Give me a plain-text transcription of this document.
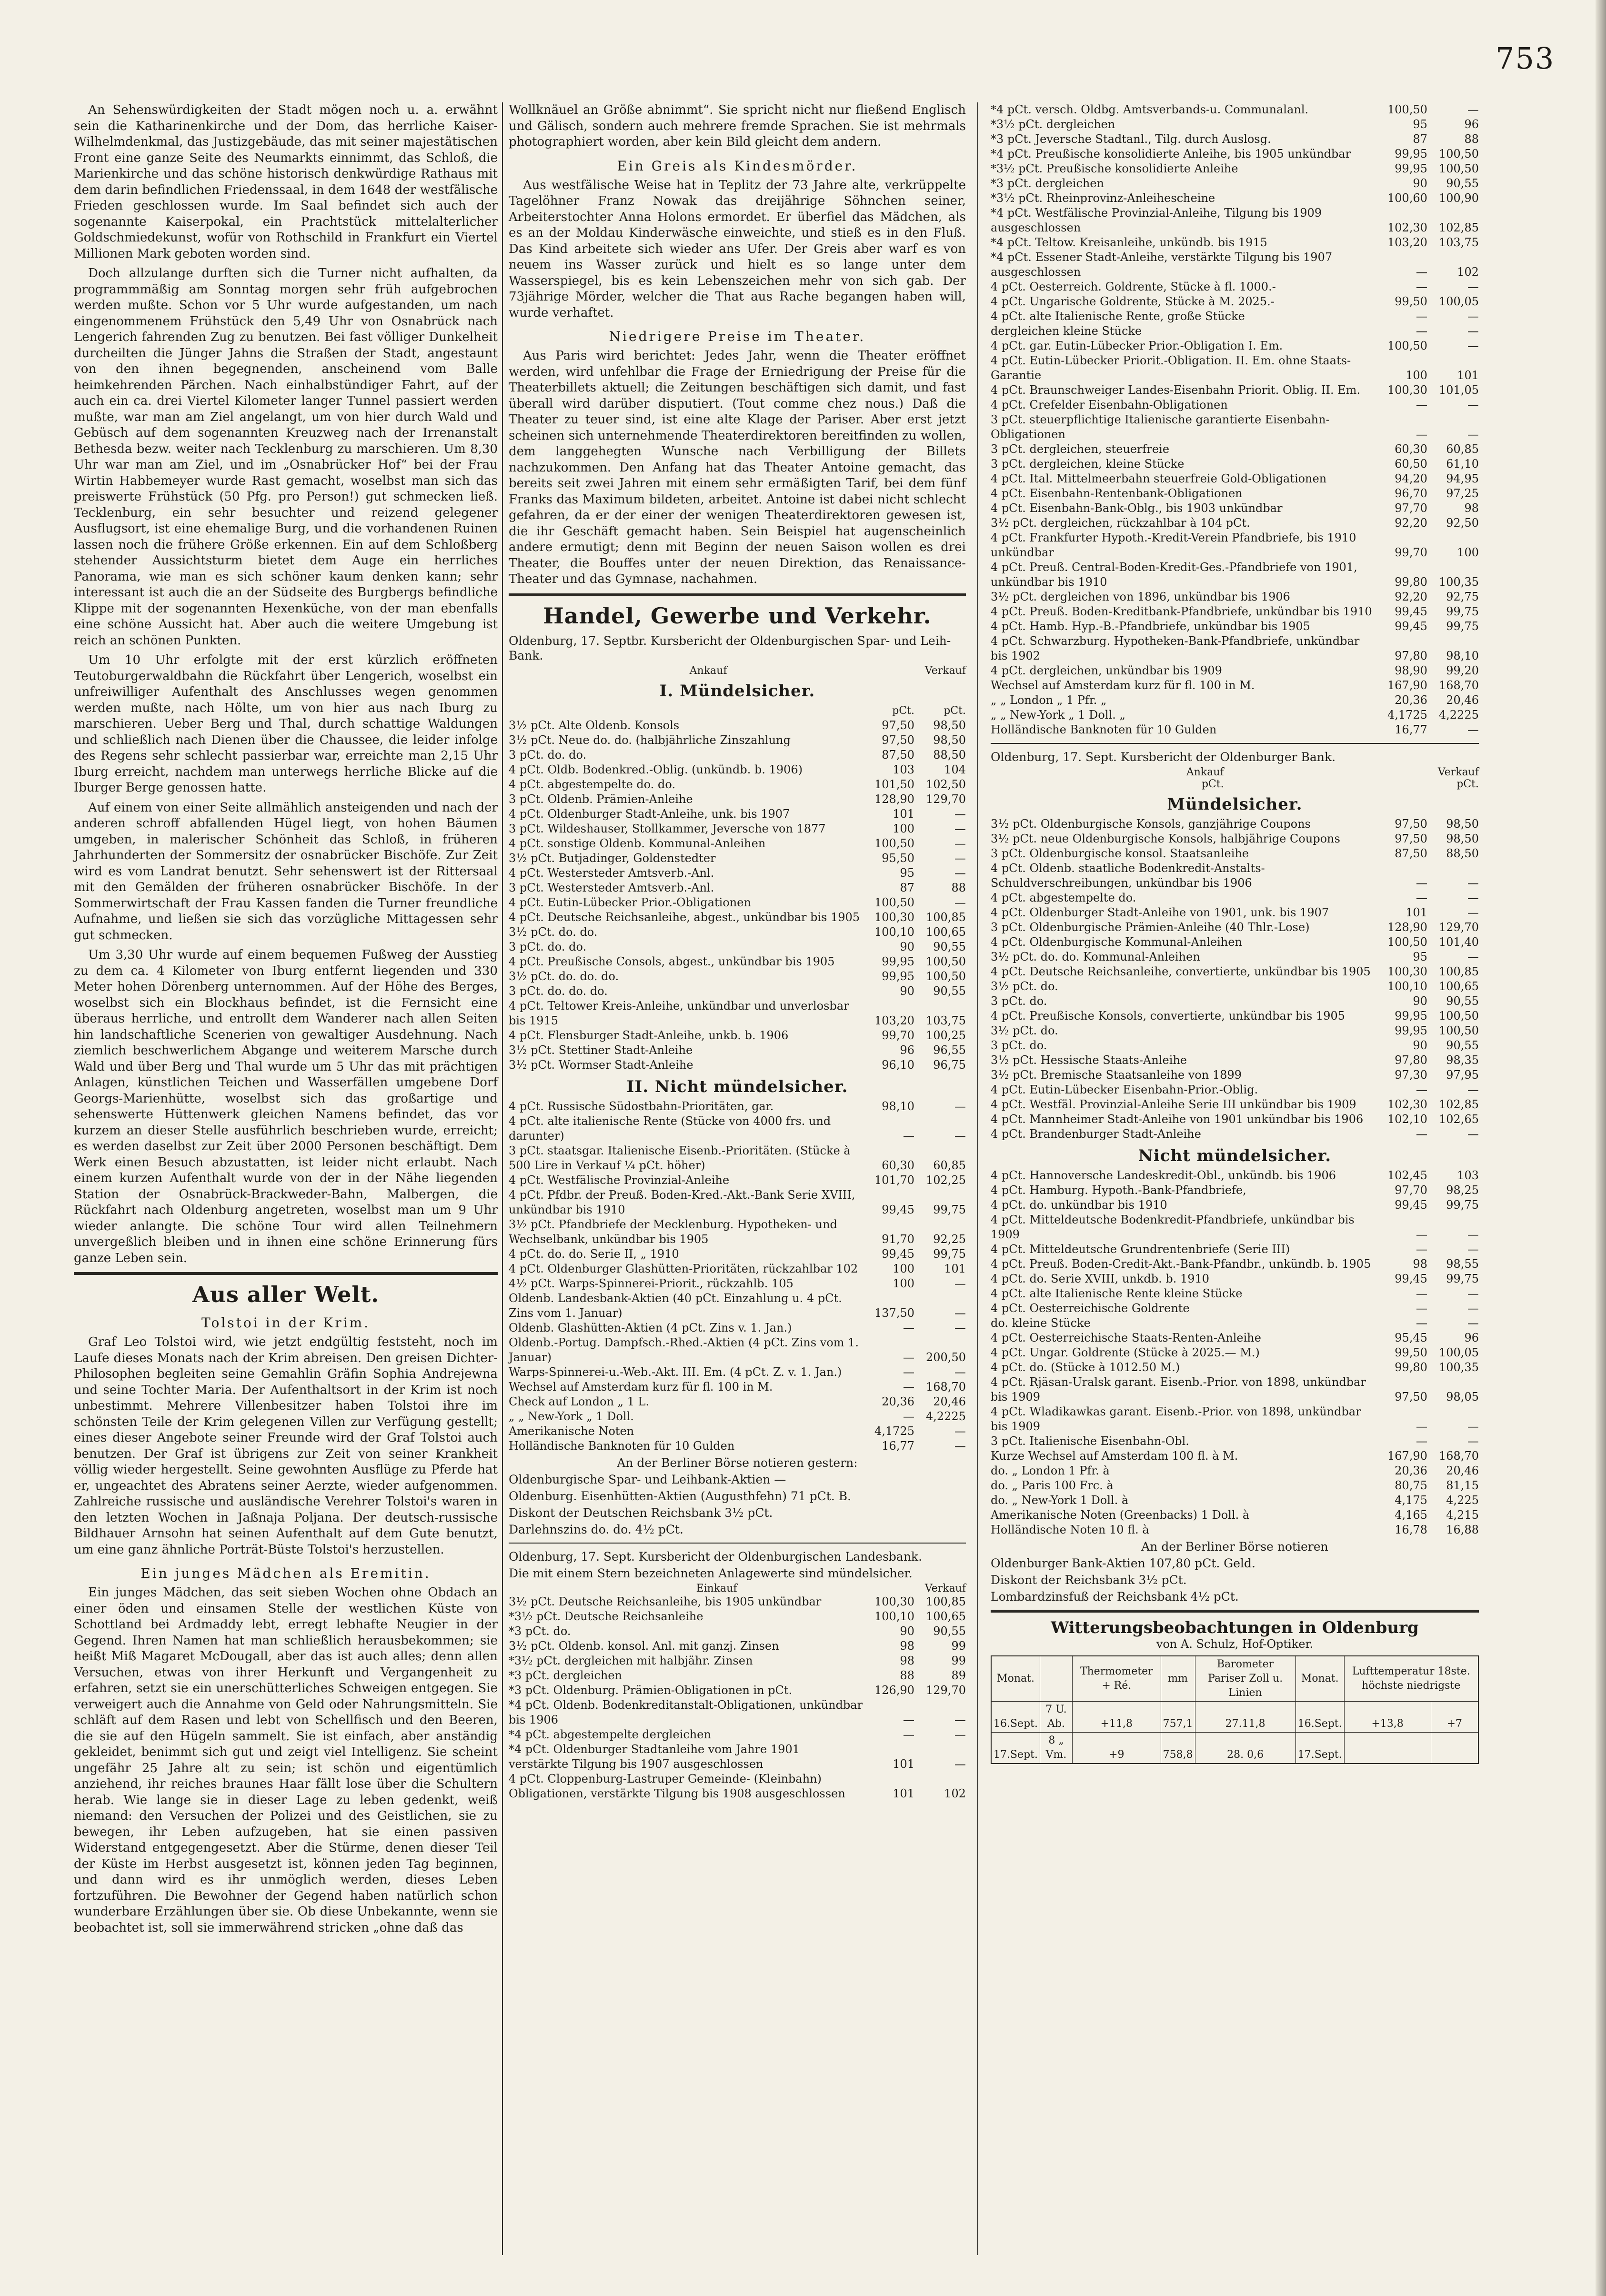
753

An Sehenswürdigkeiten der Stadt mögen noch u. a. erwähnt sein die Katharinenkirche und der Dom, das herrliche Kaiser-Wilhelmdenkmal, das Justizgebäude, das mit seiner majestätischen Front eine ganze Seite des Neumarkts einnimmt, das Schloß, die Marienkirche und das schöne historisch denkwürdige Rathaus mit dem darin befindlichen Friedenssaal, in dem 1648 der westfälische Frieden geschlossen wurde. Im Saal befindet sich auch der sogenannte Kaiserpokal, ein Prachtstück mittelalterlicher Goldschmiedekunst, wofür von Rothschild in Frankfurt ein Viertel Millionen Mark geboten worden sind.

Doch allzulange durften sich die Turner nicht aufhalten, da programmmäßig am Sonntag morgen sehr früh aufgebrochen werden mußte. Schon vor 5 Uhr wurde aufgestanden, um nach eingenommenem Frühstück den 5,49 Uhr von Osnabrück nach Lengerich fahrenden Zug zu benutzen. Bei fast völliger Dunkelheit durcheilten die Jünger Jahns die Straßen der Stadt, angestaunt von den ihnen begegnenden, anscheinend vom Balle heimkehrenden Pärchen. Nach einhalbstündiger Fahrt, auf der auch ein ca. drei Viertel Kilometer langer Tunnel passiert werden mußte, war man am Ziel angelangt, um von hier durch Wald und Gebüsch auf dem sogenannten Kreuzweg nach der Irrenanstalt Bethesda bezw. weiter nach Tecklenburg zu marschieren. Um 8,30 Uhr war man am Ziel, und im „Osnabrücker Hof“ bei der Frau Wirtin Habbemeyer wurde Rast gemacht, woselbst man sich das preiswerte Frühstück (50 Pfg. pro Person!) gut schmecken ließ. Tecklenburg, ein sehr besuchter und reizend gelegener Ausflugsort, ist eine ehemalige Burg, und die vorhandenen Ruinen lassen noch die frühere Größe erkennen. Ein auf dem Schloßberg stehender Aussichtsturm bietet dem Auge ein herrliches Panorama, wie man es sich schöner kaum denken kann; sehr interessant ist auch die an der Südseite des Burgbergs befindliche Klippe mit der sogenannten Hexenküche, von der man ebenfalls eine schöne Aussicht hat. Aber auch die weitere Umgebung ist reich an schönen Punkten.

Um 10 Uhr erfolgte mit der erst kürzlich eröffneten Teutoburgerwaldbahn die Rückfahrt über Lengerich, woselbst ein unfreiwilliger Aufenthalt des Anschlusses wegen genommen werden mußte, nach Hölte, um von hier aus nach Iburg zu marschieren. Ueber Berg und Thal, durch schattige Waldungen und schließlich nach Dienen über die Chaussee, die leider infolge des Regens sehr schlecht passierbar war, erreichte man 2,15 Uhr Iburg erreicht, nachdem man unterwegs herrliche Blicke auf die Iburger Berge genossen hatte.

Auf einem von einer Seite allmählich ansteigenden und nach der anderen schroff abfallenden Hügel liegt, von hohen Bäumen umgeben, in malerischer Schönheit das Schloß, in früheren Jahrhunderten der Sommersitz der osnabrücker Bischöfe. Zur Zeit wird es vom Landrat benutzt. Sehr sehenswert ist der Rittersaal mit den Gemälden der früheren osnabrücker Bischöfe. In der Sommerwirtschaft der Frau Kassen fanden die Turner freundliche Aufnahme, und ließen sie sich das vorzügliche Mittagessen sehr gut schmecken.

Um 3,30 Uhr wurde auf einem bequemen Fußweg der Ausstieg zu dem ca. 4 Kilometer von Iburg entfernt liegenden und 330 Meter hohen Dörenberg unternommen. Auf der Höhe des Berges, woselbst sich ein Blockhaus befindet, ist die Fernsicht eine überaus herrliche, und entrollt dem Wanderer nach allen Seiten hin landschaftliche Scenerien von gewaltiger Ausdehnung. Nach ziemlich beschwerlichem Abgange und weiterem Marsche durch Wald und über Berg und Thal wurde um 5 Uhr das mit prächtigen Anlagen, künstlichen Teichen und Wasserfällen umgebene Dorf Georgs-Marienhütte, woselbst sich das großartige und sehenswerte Hüttenwerk gleichen Namens befindet, das vor kurzem an dieser Stelle ausführlich beschrieben wurde, erreicht; es werden daselbst zur Zeit über 2000 Personen beschäftigt. Dem Werk einen Besuch abzustatten, ist leider nicht erlaubt. Nach einem kurzen Aufenthalt wurde von der in der Nähe liegenden Station der Osnabrück-Brackweder-Bahn, Malbergen, die Rückfahrt nach Oldenburg angetreten, woselbst man um 9 Uhr wieder anlangte. Die schöne Tour wird allen Teilnehmern unvergeßlich bleiben und in ihnen eine schöne Erinnerung fürs ganze Leben sein.

Aus aller Welt.
Tolstoi in der Krim.

Graf Leo Tolstoi wird, wie jetzt endgültig feststeht, noch im Laufe dieses Monats nach der Krim abreisen. Den greisen Dichter-Philosophen begleiten seine Gemahlin Gräfin Sophia Andrejewna und seine Tochter Maria. Der Aufenthaltsort in der Krim ist noch unbestimmt. Mehrere Villenbesitzer haben Tolstoi ihre im schönsten Teile der Krim gelegenen Villen zur Verfügung gestellt; eines dieser Angebote seiner Freunde wird der Graf Tolstoi auch benutzen. Der Graf ist übrigens zur Zeit von seiner Krankheit völlig wieder hergestellt. Seine gewohnten Ausflüge zu Pferde hat er, ungeachtet des Abratens seiner Aerzte, wieder aufgenommen. Zahlreiche russische und ausländische Verehrer Tolstoi's waren in den letzten Wochen in Jaßnaja Poljana. Der deutsch-russische Bildhauer Arnsohn hat seinen Aufenthalt auf dem Gute benutzt, um eine ganz ähnliche Porträt-Büste Tolstoi's herzustellen.

Ein junges Mädchen als Eremitin.

Ein junges Mädchen, das seit sieben Wochen ohne Obdach an einer öden und einsamen Stelle der westlichen Küste von Schottland bei Ardmaddy lebt, erregt lebhafte Neugier in der Gegend. Ihren Namen hat man schließlich herausbekommen; sie heißt Miß Magaret McDougall, aber das ist auch alles; denn allen Versuchen, etwas von ihrer Herkunft und Vergangenheit zu erfahren, setzt sie ein unerschütterliches Schweigen entgegen. Sie verweigert auch die Annahme von Geld oder Nahrungsmitteln. Sie schläft auf dem Rasen und lebt von Schellfisch und den Beeren, die sie auf den Hügeln sammelt. Sie ist einfach, aber anständig gekleidet, benimmt sich gut und zeigt viel Intelligenz. Sie scheint ungefähr 25 Jahre alt zu sein; ist schön und eigentümlich anziehend, ihr reiches braunes Haar fällt lose über die Schultern herab. Wie lange sie in dieser Lage zu leben gedenkt, weiß niemand: den Versuchen der Polizei und des Geistlichen, sie zu bewegen, ihr Leben aufzugeben, hat sie einen passiven Widerstand entgegengesetzt. Aber die Stürme, denen dieser Teil der Küste im Herbst ausgesetzt ist, können jeden Tag beginnen, und dann wird es ihr unmöglich werden, dieses Leben fortzuführen. Die Bewohner der Gegend haben natürlich schon wunderbare Erzählungen über sie. Ob diese Unbekannte, wenn sie beobachtet ist, soll sie immerwährend stricken „ohne daß das

Wollknäuel an Größe abnimmt“. Sie spricht nicht nur fließend Englisch und Gälisch, sondern auch mehrere fremde Sprachen. Sie ist mehrmals photographiert worden, aber kein Bild gleicht dem andern.

Ein Greis als Kindesmörder.

Aus westfälische Weise hat in Teplitz der 73 Jahre alte, verkrüppelte Tagelöhner Franz Nowak das dreijährige Söhnchen seiner, Arbeiterstochter Anna Holons ermordet. Er überfiel das Mädchen, als es an der Moldau Kinderwäsche einweichte, und stieß es in den Fluß. Das Kind arbeitete sich wieder ans Ufer. Der Greis aber warf es von neuem ins Wasser zurück und hielt es so lange unter dem Wasserspiegel, bis es kein Lebenszeichen mehr von sich gab. Der 73jährige Mörder, welcher die That aus Rache begangen haben will, wurde verhaftet.

Niedrigere Preise im Theater.

Aus Paris wird berichtet: Jedes Jahr, wenn die Theater eröffnet werden, wird unfehlbar die Frage der Erniedrigung der Preise für die Theaterbillets aktuell; die Zeitungen beschäftigen sich damit, und fast überall wird darüber disputiert. (Tout comme chez nous.) Daß die Theater zu teuer sind, ist eine alte Klage der Pariser. Aber erst jetzt scheinen sich unternehmende Theaterdirektoren bereitfinden zu wollen, dem langgehegten Wunsche nach Verbilligung der Billets nachzukommen. Den Anfang hat das Theater Antoine gemacht, das bereits seit zwei Jahren mit einem sehr ermäßigten Tarif, bei dem fünf Franks das Maximum bildeten, arbeitet. Antoine ist dabei nicht schlecht gefahren, da er der einer der wenigen Theaterdirektoren gewesen ist, die ihr Geschäft gemacht haben. Sein Beispiel hat augenscheinlich andere ermutigt; denn mit Beginn der neuen Saison wollen es drei Theater, die Bouffes unter der neuen Direktion, das Renaissance-Theater und das Gymnase, nachahmen.

Handel, Gewerbe und Verkehr.
Oldenburg, 17. Septbr. Kursbericht der Oldenburgischen Spar- und Leih-Bank.
	Ankauf	Verkauf
I. Mündelsicher.
	pCt.	pCt.
3½ pCt. Alte Oldenb. Konsols	97,50	98,50
3½ pCt. Neue do. do. (halbjährliche Zinszahlung	97,50	98,50
3 pCt. do. do.	87,50	88,50
4 pCt. Oldb. Bodenkred.-Oblig. (unkündb. b. 1906)	103	104
4 pCt. abgestempelte do. do.	101,50	102,50
3 pCt. Oldenb. Prämien-Anleihe	128,90	129,70
4 pCt. Oldenburger Stadt-Anleihe, unk. bis 1907	101	—
3 pCt. Wildeshauser, Stollkammer, Jeversche von 1877	100	—
4 pCt. sonstige Oldenb. Kommunal-Anleihen	100,50	—
3½ pCt. Butjadinger, Goldenstedter	95,50	—
4 pCt. Westersteder Amtsverb.-Anl.	95	—
3 pCt. Westersteder Amtsverb.-Anl.	87	88
4 pCt. Eutin-Lübecker Prior.-Obligationen	100,50	—
4 pCt. Deutsche Reichsanleihe, abgest., unkündbar bis 1905	100,30	100,85
3½ pCt. do. do.	100,10	100,65
3 pCt. do. do.	90	90,55
4 pCt. Preußische Consols, abgest., unkündbar bis 1905	99,95	100,50
3½ pCt. do. do. do.	99,95	100,50
3 pCt. do. do. do.	90	90,55
4 pCt. Teltower Kreis-Anleihe, unkündbar und unverlosbar bis 1915	103,20	103,75
4 pCt. Flensburger Stadt-Anleihe, unkb. b. 1906	99,70	100,25
3½ pCt. Stettiner Stadt-Anleihe	96	96,55
3½ pCt. Wormser Stadt-Anleihe	96,10	96,75
II. Nicht mündelsicher.
4 pCt. Russische Südostbahn-Prioritäten, gar.	98,10	—
4 pCt. alte italienische Rente (Stücke von 4000 frs. und darunter)	—	—
3 pCt. staatsgar. Italienische Eisenb.-Prioritäten. (Stücke à 500 Lire in Verkauf ¼ pCt. höher)	60,30	60,85
4 pCt. Westfälische Provinzial-Anleihe	101,70	102,25
4 pCt. Pfdbr. der Preuß. Boden-Kred.-Akt.-Bank Serie XVIII, unkündbar bis 1910	99,45	99,75
3½ pCt. Pfandbriefe der Mecklenburg. Hypotheken- und Wechselbank, unkündbar bis 1905	91,70	92,25
4 pCt. do. do. Serie II, „ 1910	99,45	99,75
4 pCt. Oldenburger Glashütten-Prioritäten, rückzahlbar 102	100	101
4½ pCt. Warps-Spinnerei-Priorit., rückzahlb. 105	100	—
Oldenb. Landesbank-Aktien (40 pCt. Einzahlung u. 4 pCt. Zins vom 1. Januar)	137,50	—
Oldenb. Glashütten-Aktien (4 pCt. Zins v. 1. Jan.)	—	—
Oldenb.-Portug. Dampfsch.-Rhed.-Aktien (4 pCt. Zins vom 1. Januar)	—	200,50
Warps-Spinnerei-u.-Web.-Akt. III. Em. (4 pCt. Z. v. 1. Jan.)	—	—
Wechsel auf Amsterdam kurz für fl. 100 in M.	—	168,70
Check auf London „ 1 L.	20,36	20,46
„ „ New-York „ 1 Doll.	—	4,2225
Amerikanische Noten	4,1725	—
Holländische Banknoten für 10 Gulden	16,77	—
An der Berliner Börse notieren gestern:
Oldenburgische Spar- und Leihbank-Aktien —
Oldenburg. Eisenhütten-Aktien (Augusthfehn) 71 pCt. B.
Diskont der Deutschen Reichsbank 3½ pCt.
Darlehnszins do. do. 4½ pCt.
Oldenburg, 17. Sept. Kursbericht der Oldenburgischen Landesbank.
Die mit einem Stern bezeichneten Anlagewerte sind mündelsicher.
	Einkauf	Verkauf
3½ pCt. Deutsche Reichsanleihe, bis 1905 unkündbar	100,30	100,85
*3½ pCt. Deutsche Reichsanleihe	100,10	100,65
*3 pCt. do.	90	90,55
3½ pCt. Oldenb. konsol. Anl. mit ganzj. Zinsen	98	99
*3½ pCt. dergleichen mit halbjähr. Zinsen	98	99
*3 pCt. dergleichen	88	89
*3 pCt. Oldenburg. Prämien-Obligationen in pCt.	126,90	129,70
*4 pCt. Oldenb. Bodenkreditanstalt-Obligationen, unkündbar bis 1906	—	—
*4 pCt. abgestempelte dergleichen	—	—
*4 pCt. Oldenburger Stadtanleihe vom Jahre 1901 verstärkte Tilgung bis 1907 ausgeschlossen	101	—
4 pCt. Cloppenburg-Lastruper Gemeinde- (Kleinbahn) Obligationen, verstärkte Tilgung bis 1908 ausgeschlossen	101	102
*4 pCt. versch. Oldbg. Amtsverbands-u. Communalanl.	100,50	—
*3½ pCt. dergleichen	95	96
*3 pCt. Jeversche Stadtanl., Tilg. durch Auslosg.	87	88
*4 pCt. Preußische konsolidierte Anleihe, bis 1905 unkündbar	99,95	100,50
*3½ pCt. Preußische konsolidierte Anleihe	99,95	100,50
*3 pCt. dergleichen	90	90,55
*3½ pCt. Rheinprovinz-Anleihescheine	100,60	100,90
*4 pCt. Westfälische Provinzial-Anleihe, Tilgung bis 1909 ausgeschlossen	102,30	102,85
*4 pCt. Teltow. Kreisanleihe, unkündb. bis 1915	103,20	103,75
*4 pCt. Essener Stadt-Anleihe, verstärkte Tilgung bis 1907 ausgeschlossen	—	102
4 pCt. Oesterreich. Goldrente, Stücke à fl. 1000.-	—	—
4 pCt. Ungarische Goldrente, Stücke à M. 2025.-	99,50	100,05
4 pCt. alte Italienische Rente, große Stücke	—	—
dergleichen kleine Stücke	—	—
4 pCt. gar. Eutin-Lübecker Prior.-Obligation I. Em.	100,50	—
4 pCt. Eutin-Lübecker Priorit.-Obligation. II. Em. ohne Staats-Garantie	100	101
4 pCt. Braunschweiger Landes-Eisenbahn Priorit. Oblig. II. Em.	100,30	101,05
4 pCt. Crefelder Eisenbahn-Obligationen	—	—
3 pCt. steuerpflichtige Italienische garantierte Eisenbahn-Obligationen	—	—
3 pCt. dergleichen, steuerfreie	60,30	60,85
3 pCt. dergleichen, kleine Stücke	60,50	61,10
4 pCt. Ital. Mittelmeerbahn steuerfreie Gold-Obligationen	94,20	94,95
4 pCt. Eisenbahn-Rentenbank-Obligationen	96,70	97,25
4 pCt. Eisenbahn-Bank-Oblg., bis 1903 unkündbar	97,70	98
3½ pCt. dergleichen, rückzahlbar à 104 pCt.	92,20	92,50
4 pCt. Frankfurter Hypoth.-Kredit-Verein Pfandbriefe, bis 1910 unkündbar	99,70	100
4 pCt. Preuß. Central-Boden-Kredit-Ges.-Pfandbriefe von 1901, unkündbar bis 1910	99,80	100,35
3½ pCt. dergleichen von 1896, unkündbar bis 1906	92,20	92,75
4 pCt. Preuß. Boden-Kreditbank-Pfandbriefe, unkündbar bis 1910	99,45	99,75
4 pCt. Hamb. Hyp.-B.-Pfandbriefe, unkündbar bis 1905	99,45	99,75
4 pCt. Schwarzburg. Hypotheken-Bank-Pfandbriefe, unkündbar bis 1902	97,80	98,10
4 pCt. dergleichen, unkündbar bis 1909	98,90	99,20
Wechsel auf Amsterdam kurz für fl. 100 in M.	167,90	168,70
„ „ London „ 1 Pfr. „	20,36	20,46
„ „ New-York „ 1 Doll. „	4,1725	4,2225
Holländische Banknoten für 10 Gulden	16,77	—
Oldenburg, 17. Sept. Kursbericht der Oldenburger Bank.
	Ankauf	Verkauf
	pCt.	pCt.
Mündelsicher.
3½ pCt. Oldenburgische Konsols, ganzjährige Coupons	97,50	98,50
3½ pCt. neue Oldenburgische Konsols, halbjährige Coupons	97,50	98,50
3 pCt. Oldenburgische konsol. Staatsanleihe	87,50	88,50
4 pCt. Oldenb. staatliche Bodenkredit-Anstalts-Schuldverschreibungen, unkündbar bis 1906	—	—
4 pCt. abgestempelte do.	—	—
4 pCt. Oldenburger Stadt-Anleihe von 1901, unk. bis 1907	101	—
3 pCt. Oldenburgische Prämien-Anleihe (40 Thlr.-Lose)	128,90	129,70
4 pCt. Oldenburgische Kommunal-Anleihen	100,50	101,40
3½ pCt. do. do. Kommunal-Anleihen	95	—
4 pCt. Deutsche Reichsanleihe, convertierte, unkündbar bis 1905	100,30	100,85
3½ pCt. do.	100,10	100,65
3 pCt. do.	90	90,55
4 pCt. Preußische Konsols, convertierte, unkündbar bis 1905	99,95	100,50
3½ pCt. do.	99,95	100,50
3 pCt. do.	90	90,55
3½ pCt. Hessische Staats-Anleihe	97,80	98,35
3½ pCt. Bremische Staatsanleihe von 1899	97,30	97,95
4 pCt. Eutin-Lübecker Eisenbahn-Prior.-Oblig.	—	—
4 pCt. Westfäl. Provinzial-Anleihe Serie III unkündbar bis 1909	102,30	102,85
4 pCt. Mannheimer Stadt-Anleihe von 1901 unkündbar bis 1906	102,10	102,65
4 pCt. Brandenburger Stadt-Anleihe	—	—
Nicht mündelsicher.
4 pCt. Hannoversche Landeskredit-Obl., unkündb. bis 1906	102,45	103
4 pCt. Hamburg. Hypoth.-Bank-Pfandbriefe,	97,70	98,25
4 pCt. do. unkündbar bis 1910	99,45	99,75
4 pCt. Mitteldeutsche Bodenkredit-Pfandbriefe, unkündbar bis 1909	—	—
4 pCt. Mitteldeutsche Grundrentenbriefe (Serie III)	—	—
4 pCt. Preuß. Boden-Credit-Akt.-Bank-Pfandbr., unkündb. b. 1905	98	98,55
4 pCt. do. Serie XVIII, unkdb. b. 1910	99,45	99,75
4 pCt. alte Italienische Rente kleine Stücke	—	—
4 pCt. Oesterreichische Goldrente	—	—
do. kleine Stücke	—	—
4 pCt. Oesterreichische Staats-Renten-Anleihe	95,45	96
4 pCt. Ungar. Goldrente (Stücke à 2025.— M.)	99,50	100,05
4 pCt. do. (Stücke à 1012.50 M.)	99,80	100,35
4 pCt. Rjäsan-Uralsk garant. Eisenb.-Prior. von 1898, unkündbar bis 1909	97,50	98,05
4 pCt. Wladikawkas garant. Eisenb.-Prior. von 1898, unkündbar bis 1909	—	—
3 pCt. Italienische Eisenbahn-Obl.	—	—
Kurze Wechsel auf Amsterdam 100 fl. à M.	167,90	168,70
do. „ London 1 Pfr. à	20,36	20,46
do. „ Paris 100 Frc. à	80,75	81,15
do. „ New-York 1 Doll. à	4,175	4,225
Amerikanische Noten (Greenbacks) 1 Doll. à	4,165	4,215
Holländische Noten 10 fl. à	16,78	16,88
An der Berliner Börse notieren
Oldenburger Bank-Aktien 107,80 pCt. Geld.
Diskont der Reichsbank 3½ pCt.
Lombardzinsfuß der Reichsbank 4½ pCt.
Witterungsbeobachtungen in Oldenburg
von A. Schulz, Hof-Optiker.
Monat.		Thermometer + Ré.	mm	Barometer Pariser Zoll u. Linien	Monat.	Lufttemperatur 18ste. höchste niedrigste	
16.Sept.	7 U. Ab.	+11,8	757,1	27.11,8	16.Sept.	+13,8	+7
17.Sept.	8 „ Vm.	+9	758,8	28. 0,6	17.Sept.		
